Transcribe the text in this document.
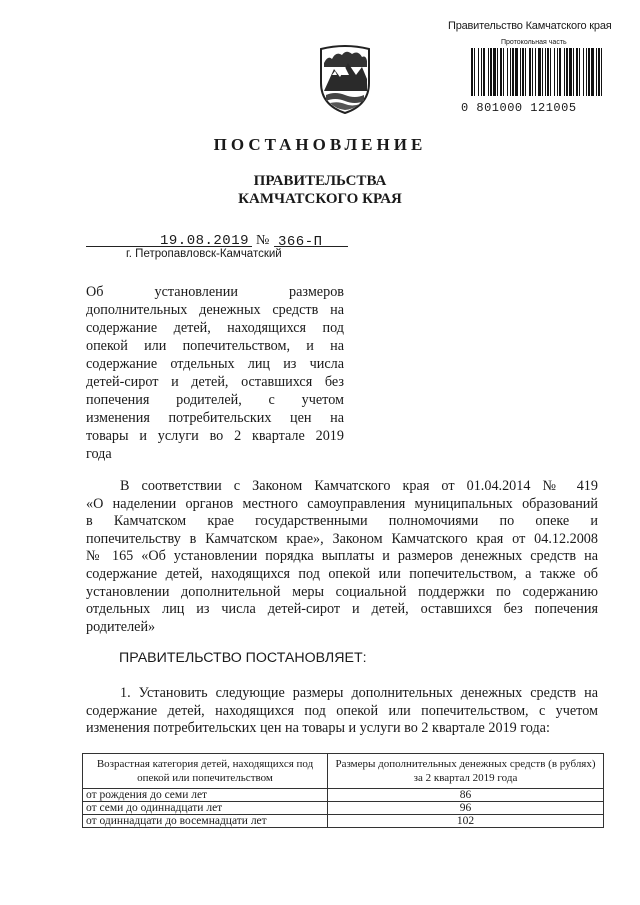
Правительство Камчатского края
Протокольная часть
0 801000 121005
ПОСТАНОВЛЕНИЕ
ПРАВИТЕЛЬСТВА
КАМЧАТСКОГО КРАЯ
19.08.2019 № 366-П
г. Петропавловск-Камчатский
Об установлении размеров
дополнительных денежных средств на
содержание детей, находящихся под
опекой или попечительством, и на
содержание отдельных лиц из числа
детей-сирот и детей, оставшихся без
попечения родителей, с учетом
изменения потребительских цен на
товары и услуги во 2 квартале 2019
года
В соответствии с Законом Камчатского края от 01.04.2014 № 419
«О наделении органов местного самоуправления муниципальных образований
в Камчатском крае государственными полномочиями по опеке и
попечительству в Камчатском крае», Законом Камчатского края от 04.12.2008
№ 165 «Об установлении порядка выплаты и размеров денежных средств на
содержание детей, находящихся под опекой или попечительством, а также об
установлении дополнительной меры социальной поддержки по содержанию
отдельных лиц из числа детей-сирот и детей, оставшихся без попечения
родителей»
ПРАВИТЕЛЬСТВО ПОСТАНОВЛЯЕТ:
1. Установить следующие размеры дополнительных денежных средств на
содержание детей, находящихся под опекой или попечительством, с учетом
изменения потребительских цен на товары и услуги во 2 квартале 2019 года:
Возрастная категория детей, находящихся под опекой или попечительством	Размеры дополнительных денежных средств (в рублях) за 2 квартал 2019 года
от рождения до семи лет	86
от семи до одиннадцати лет	96
от одиннадцати до восемнадцати лет	102
